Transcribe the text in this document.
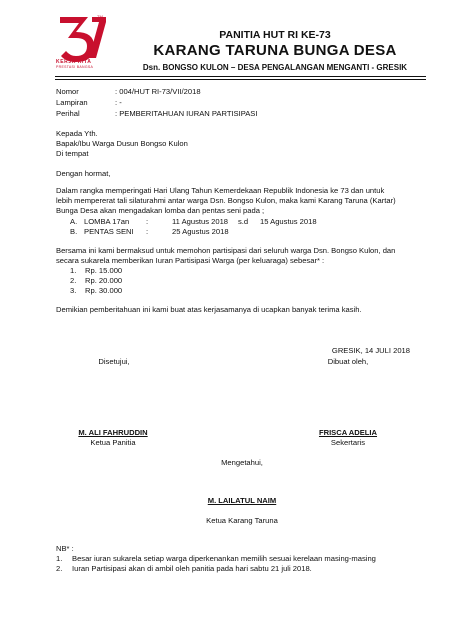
TM
KERJA KITA
PRESTASI BANGSA
PANITIA HUT RI KE-73
KARANG TARUNA BUNGA DESA
Dsn. BONGSO KULON – DESA PENGALANGAN MENGANTI - GRESIK
Nomor	: 004/HUT RI-73/VII/2018
Lampiran	: -
Perihal	: PEMBERITAHUAN IURAN PARTISIPASI
Kepada Yth.
Bapak/Ibu Warga Dusun Bongso Kulon
Di tempat
Dengan hormat,
Dalam rangka memperingati Hari Ulang Tahun Kemerdekaan Republik Indonesia ke 73 dan untuk
lebih mempererat tali silaturahmi antar warga Dsn. Bongso Kulon, maka kami Karang Taruna (Kartar)
Bunga Desa akan mengadakan lomba dan pentas seni pada ;
A. LOMBA 17an :	11 Agustus 2018 s.d 15 Agustus 2018
B. PENTAS SENI :	25 Agustus 2018
Bersama ini kami bermaksud untuk memohon partisipasi dari seluruh warga Dsn. Bongso Kulon, dan
secara sukarela memberikan Iuran Partisipasi Warga (per keluaraga) sebesar* :
1. Rp. 15.000
2. Rp. 20.000
3. Rp. 30.000
Demikian pemberitahuan ini kami buat atas kerjasamanya di ucapkan banyak terima kasih.
GRESIK, 14 JULI 2018
Disetujui,	Dibuat oleh,
M. ALI FAHRUDDIN
Ketua Panitia
FRISCA ADELIA
Sekertaris
Mengetahui,
M. LAILATUL NAIM
Ketua Karang Taruna
NB* :
1. Besar iuran sukarela setiap warga diperkenankan memilih sesuai kerelaan masing-masing
2. Iuran Partisipasi akan di ambil oleh panitia pada hari sabtu 21 juli 2018.
